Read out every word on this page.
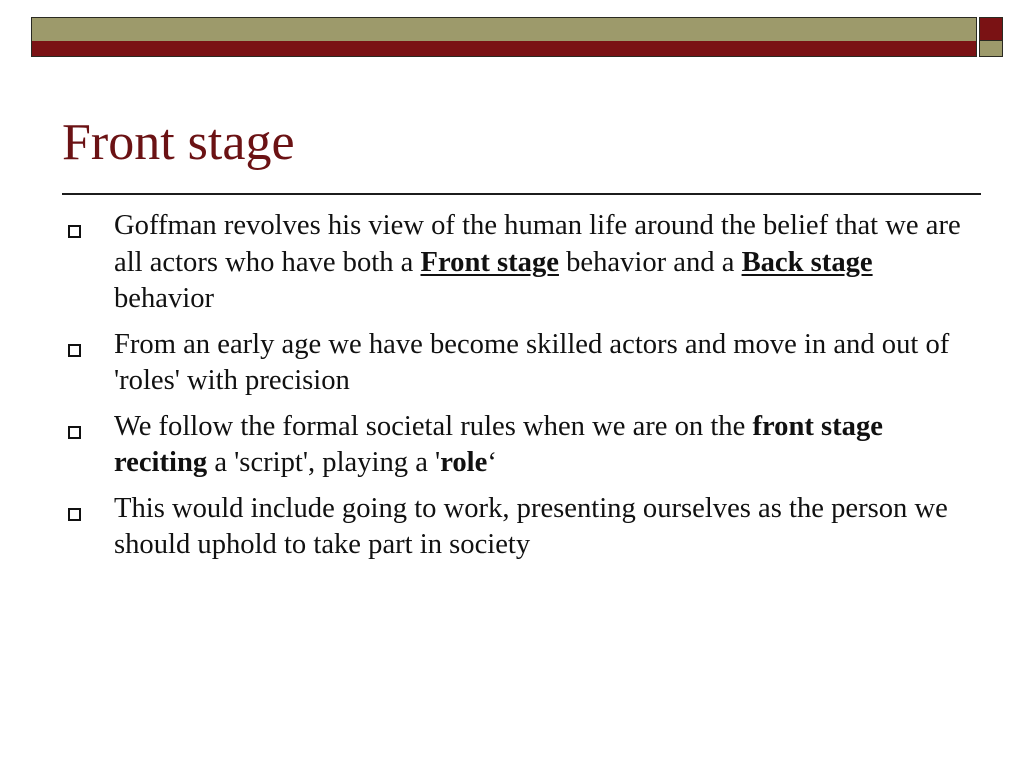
Front stage
Goffman revolves his view of the human life around the belief that we are all actors who have both a Front stage behavior and a Back stage behavior
From an early age we have become skilled actors and move in and out of 'roles' with precision
We follow the formal societal rules when we are on the front stage reciting a 'script', playing a 'role‘
This would include going to work, presenting ourselves as the person we should uphold to take part in society
